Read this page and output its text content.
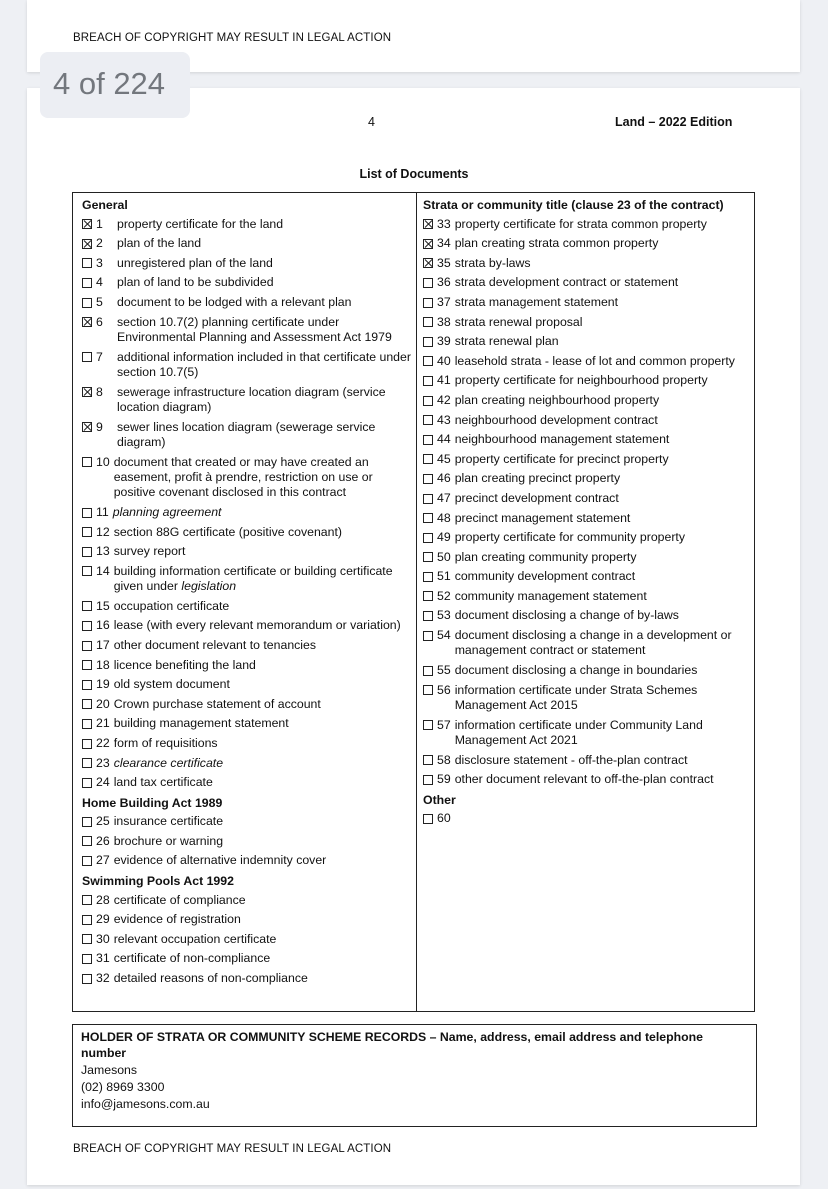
BREACH OF COPYRIGHT MAY RESULT IN LEGAL ACTION
4 of 224
4	Land – 2022 Edition
List of Documents
General
1	property certificate for the land
2	plan of the land
3	unregistered plan of the land
4	plan of land to be subdivided
5	document to be lodged with a relevant plan
6	section 10.7(2) planning certificate under Environmental Planning and Assessment Act 1979
7	additional information included in that certificate under section 10.7(5)
8	sewerage infrastructure location diagram (service location diagram)
9	sewer lines location diagram (sewerage service diagram)
10 document that created or may have created an easement, profit à prendre, restriction on use or positive covenant disclosed in this contract
11 planning agreement
12 section 88G certificate (positive covenant)
13 survey report
14 building information certificate or building certificate given under legislation
15 occupation certificate
16 lease (with every relevant memorandum or variation)
17 other document relevant to tenancies
18 licence benefiting the land
19 old system document
20 Crown purchase statement of account
21 building management statement
22 form of requisitions
23 clearance certificate
24 land tax certificate
Home Building Act 1989
25 insurance certificate
26 brochure or warning
27 evidence of alternative indemnity cover
Swimming Pools Act 1992
28 certificate of compliance
29 evidence of registration
30 relevant occupation certificate
31 certificate of non-compliance
32 detailed reasons of non-compliance
Strata or community title (clause 23 of the contract)
33 property certificate for strata common property
34 plan creating strata common property
35 strata by-laws
36 strata development contract or statement
37 strata management statement
38 strata renewal proposal
39 strata renewal plan
40 leasehold strata - lease of lot and common property
41 property certificate for neighbourhood property
42 plan creating neighbourhood property
43 neighbourhood development contract
44 neighbourhood management statement
45 property certificate for precinct property
46 plan creating precinct property
47 precinct development contract
48 precinct management statement
49 property certificate for community property
50 plan creating community property
51 community development contract
52 community management statement
53 document disclosing a change of by-laws
54 document disclosing a change in a development or management contract or statement
55 document disclosing a change in boundaries
56 information certificate under Strata Schemes Management Act 2015
57 information certificate under Community Land Management Act 2021
58 disclosure statement - off-the-plan contract
59 other document relevant to off-the-plan contract
Other
60
HOLDER OF STRATA OR COMMUNITY SCHEME RECORDS – Name, address, email address and telephone number
Jamesons
(02) 8969 3300
info@jamesons.com.au
BREACH OF COPYRIGHT MAY RESULT IN LEGAL ACTION
